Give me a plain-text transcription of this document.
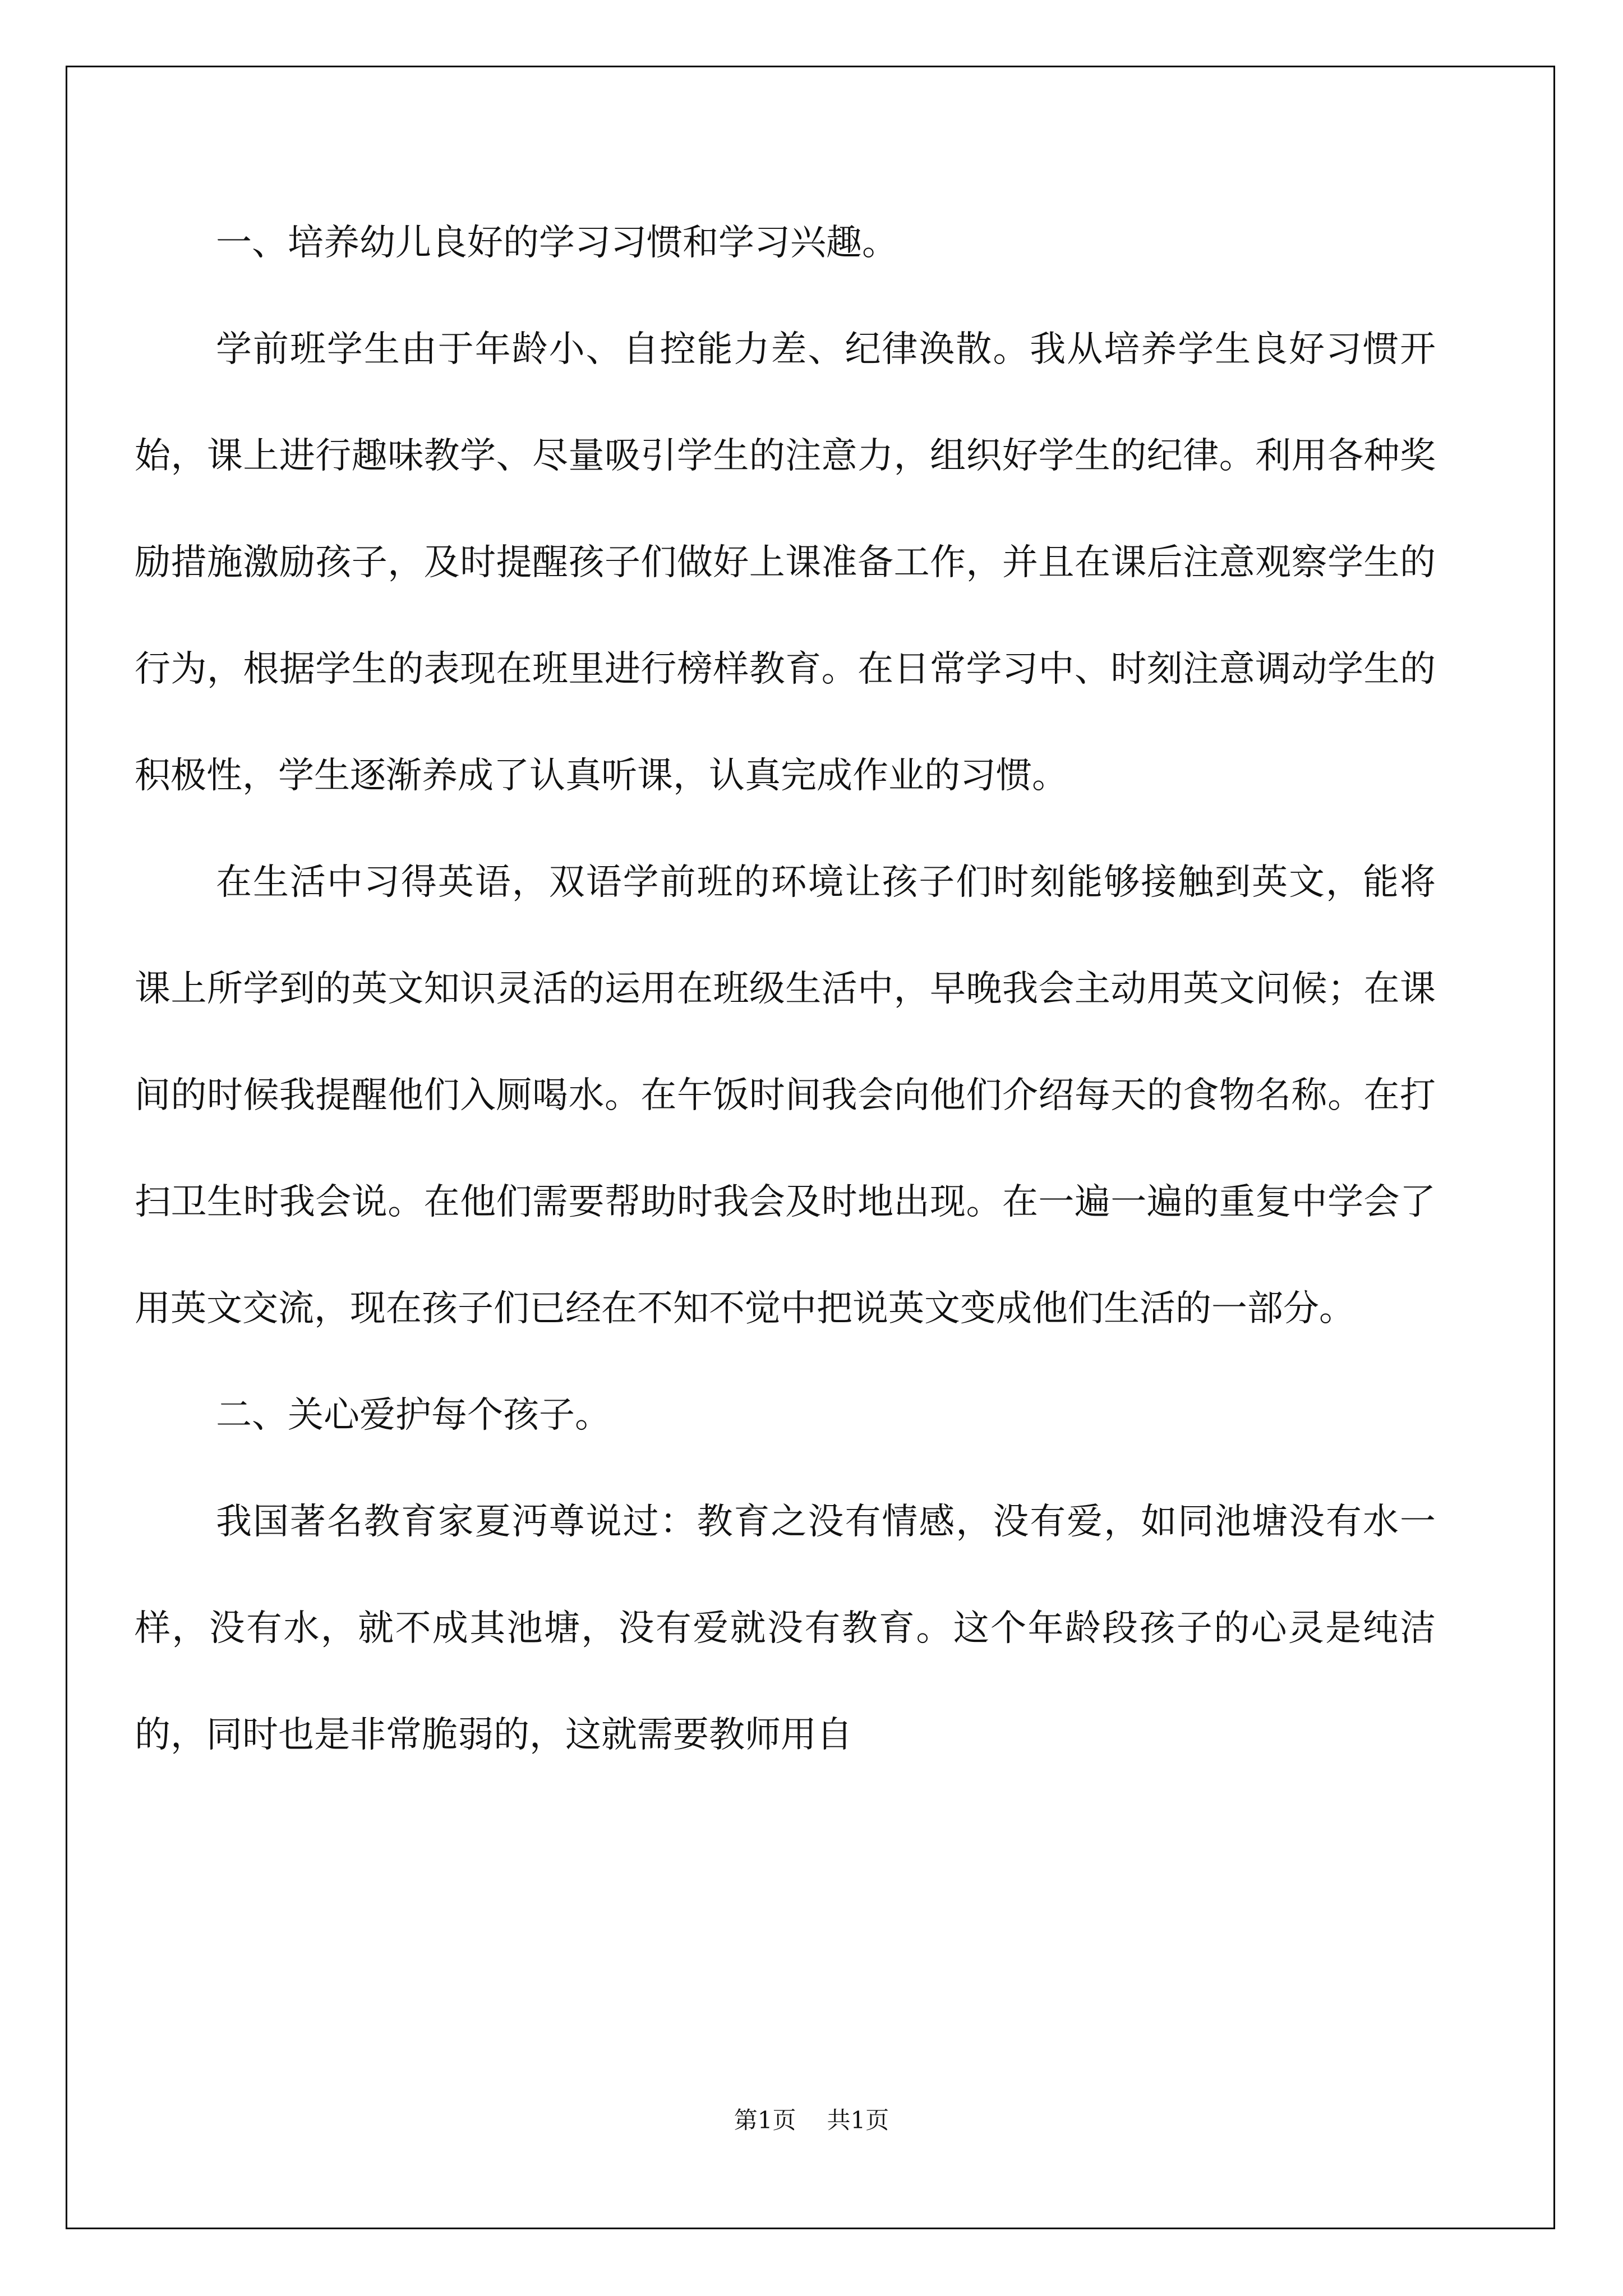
一、培养幼儿良好的学习习惯和学习兴趣。

学前班学生由于年龄小、自控能力差、纪律涣散。我从培养学生良好习惯开始，课上进行趣味教学、尽量吸引学生的注意力，组织好学生的纪律。利用各种奖励措施激励孩子，及时提醒孩子们做好上课准备工作，并且在课后注意观察学生的行为，根据学生的表现在班里进行榜样教育。在日常学习中、时刻注意调动学生的积极性，学生逐渐养成了认真听课，认真完成作业的习惯。

在生活中习得英语，双语学前班的环境让孩子们时刻能够接触到英文，能将课上所学到的英文知识灵活的运用在班级生活中，早晚我会主动用英文问候；在课间的时候我提醒他们入厕喝水。在午饭时间我会向他们介绍每天的食物名称。在打扫卫生时我会说。在他们需要帮助时我会及时地出现。在一遍一遍的重复中学会了用英文交流，现在孩子们已经在不知不觉中把说英文变成他们生活的一部分。

二、关心爱护每个孩子。

我国著名教育家夏沔尊说过：教育之没有情感，没有爱，如同池塘没有水一样，没有水，就不成其池塘，没有爱就没有教育。这个年龄段孩子的心灵是纯洁的，同时也是非常脆弱的，这就需要教师用自

第1页 共1页
